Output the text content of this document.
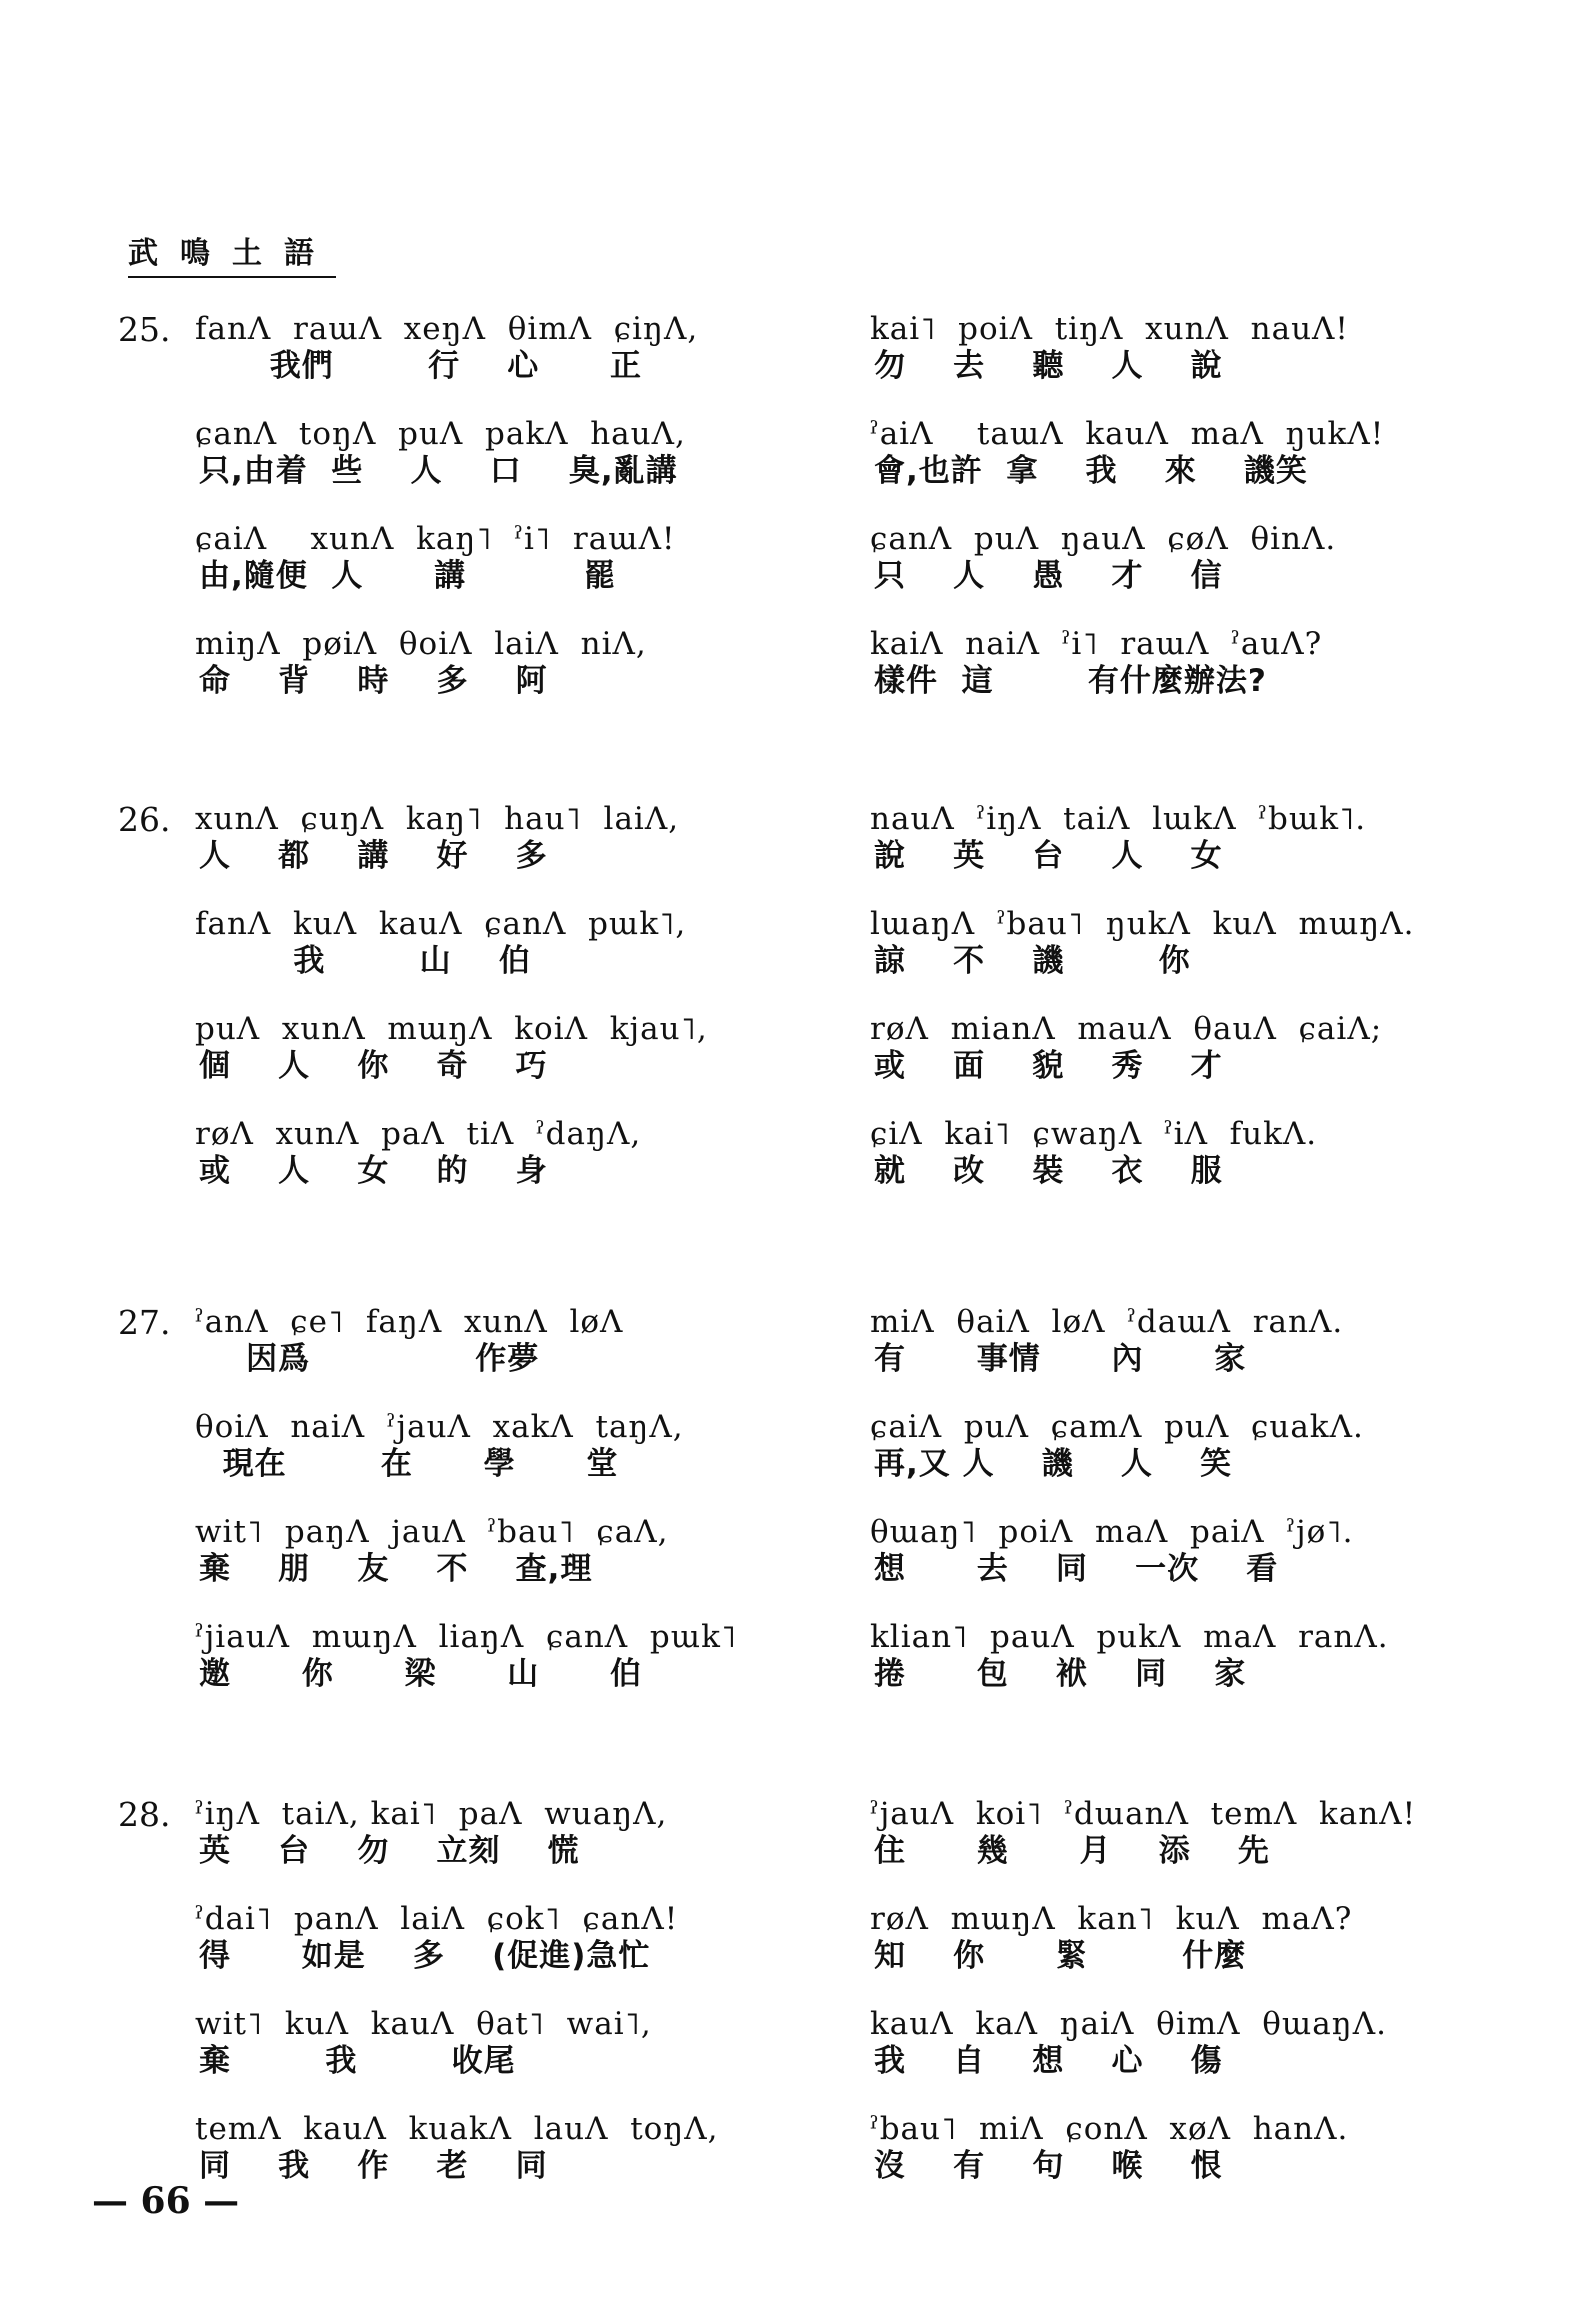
武鳴土語
25. fanɅ  raɯɅ  xeŋɅ  θimɅ  ɕiŋɅ,
我們        行    心      正
ɕanɅ  toŋɅ  puɅ  pakɅ  hauɅ,
只,由着  些    人    口    臭,亂講
ɕaiɅ    xunɅ  kaŋ˥  ˀi˥  raɯɅ!
由,隨便  人      講          罷
miŋɅ  pøiɅ  θoiɅ  laiɅ  niɅ,
命    背    時    多    阿
kai˥  poiɅ  tiŋɅ  xunɅ  nauɅ!
勿    去    聽    人    說
ˀaiɅ    taɯɅ  kauɅ  maɅ  ŋukɅ!
會,也許  拿    我    來    譏笑
ɕanɅ  puɅ  ŋauɅ  ɕøɅ  θinɅ.
只    人    愚    才    信
kaiɅ  naiɅ  ˀi˥  raɯɅ  ˀauɅ?
樣件  這        有什麼辦法?
26. xunɅ  ɕuŋɅ  kaŋ˥  hau˥  laiɅ,
人    都    講    好    多
fanɅ  kuɅ  kauɅ  ɕanɅ  pɯk˥,
我        山    伯
puɅ  xunɅ  mɯŋɅ  koiɅ  kjau˥,
個    人    你    奇    巧
røɅ  xunɅ  paɅ  tiɅ  ˀdaŋɅ,
或    人    女    的    身
nauɅ  ˀiŋɅ  taiɅ  lɯkɅ  ˀbɯk˥.
說    英    台    人    女
lɯaŋɅ  ˀbau˥  ŋukɅ  kuɅ  mɯŋɅ.
諒    不    譏        你
røɅ  mianɅ  mauɅ  θauɅ  ɕaiɅ;
或    面    貌    秀    才
ɕiɅ  kai˥  ɕwaŋɅ  ˀiɅ  fukɅ.
就    改    裝    衣    服
27. ˀanɅ  ɕe˥  faŋɅ  xunɅ  løɅ
因爲              作夢
θoiɅ  naiɅ  ˀjauɅ  xakɅ  taŋɅ,
現在        在      學      堂
wit˥  paŋɅ  jauɅ  ˀbau˥  ɕaɅ,
棄    朋    友    不    查,理
ˀjiauɅ  mɯŋɅ  liaŋɅ  ɕanɅ  pɯk˥
邀      你      梁      山      伯
miɅ  θaiɅ  løɅ  ˀdaɯɅ  ranɅ.
有      事情      內      家
ɕaiɅ  puɅ  ɕamɅ  puɅ  ɕuakɅ.
再,又 人    譏    人    笑
θɯaŋ˥  poiɅ  maɅ  paiɅ  ˀjø˥.
想      去    同    一次    看
klian˥  pauɅ  pukɅ  maɅ  ranɅ.
捲      包    袱    同    家
28. ˀiŋɅ  taiɅ, kai˥  paɅ  wuaŋɅ,
英    台    勿    立刻    慌
ˀdai˥  panɅ  laiɅ  ɕok˥  ɕanɅ!
得      如是    多    (促進)急忙
wit˥  kuɅ  kauɅ  θat˥  wai˥,
棄        我        收尾
temɅ  kauɅ  kuakɅ  lauɅ  toŋɅ,
同    我    作    老    同
ˀjauɅ  koi˥  ˀdɯanɅ  temɅ  kanɅ!
住      幾      月    添    先
røɅ  mɯŋɅ  kan˥  kuɅ  maɅ?
知    你      緊        什麼
kauɅ  kaɅ  ŋaiɅ  θimɅ  θɯaŋɅ.
我    自    想    心    傷
ˀbau˥  miɅ  ɕonɅ  xøɅ  hanɅ.
沒    有    句    喉    恨
— 66 —
